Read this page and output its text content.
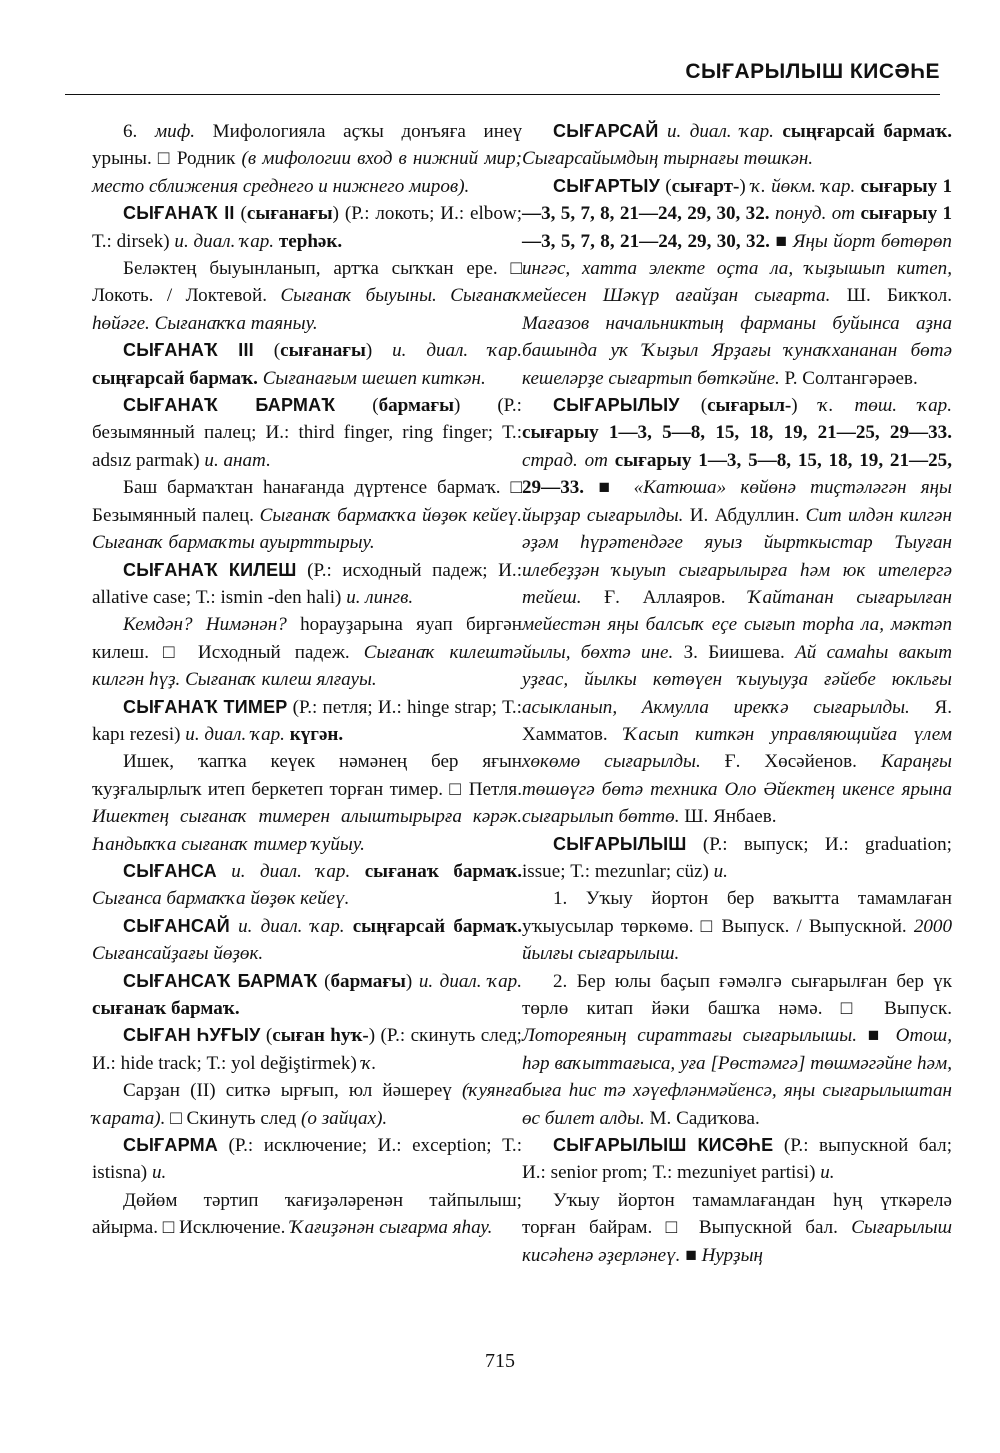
СЫҒАРЫЛЫШ КИСӘҺЕ

6. миф. Мифологияла аҫҡы донъяға инеү урыны. □ Родник (в мифологии вход в нижний мир; место сближения среднего и нижнего миров).

СЫҒАНАҠ II (сығанағы) (Р.: локоть; И.: elbow; Т.: dirsek) и. диал. ҡар. терһәк.

Беләктең быуынланып, артҡа сыҡҡан ере. □ Локоть. / Локтевой. Сығанаҡ быуыны. Сығанаҡ һөйәге. Сығанаҡҡа таяныу.

СЫҒАНАҠ III (сығанағы) и. диал. ҡар. сыңғарсай бармаҡ. Сығанағым шешеп киткән.

СЫҒАНАҠ БАРМАҠ (бармағы) (Р.: безымянный палец; И.: third finger, ring finger; Т.: adsız parmak) и. анат.

Баш бармаҡтан һанағанда дүртенсе бармаҡ. □ Безымянный палец. Сығанаҡ бармаҡҡа йөҙөк кейеү. Сығанаҡ бармаҡты ауырттырыу.

СЫҒАНАҠ КИЛЕШ (Р.: исходный падеж; И.: allative case; Т.: ismin -den hali) и. лингв.

Кемдән? Нимәнән? һорауҙарына яуап биргән килеш. □ Исходный падеж. Сығанаҡ килештә килгән һүҙ. Сығанаҡ килеш ялғауы.

СЫҒАНАҠ ТИМЕР (Р.: петля; И.: hinge strap; Т.: kapı rezesi) и. диал. ҡар. күгән.

Ишек, ҡапҡа кеүек нәмәнең бер яғын ҡуҙғалырлыҡ итеп беркетеп торған тимер. □ Петля. Ишектең сығанаҡ тимерен алыштырырға кәрәк. Һандыҡҡа сығанаҡ тимер ҡуйыу.

СЫҒАНСА и. диал. ҡар. сығанаҡ бармаҡ. Сығанса бармаҡҡа йөҙөк кейеү.

СЫҒАНСАЙ и. диал. ҡар. сыңғарсай бармаҡ. Сығансайҙағы йөҙөк.

СЫҒАНСАҠ БАРМАҠ (бармағы) и. диал. ҡар. сығанаҡ бармаҡ.

СЫҒАН ҺУҒЫУ (сыған һуҡ-) (Р.: скинуть след; И.: hide track; Т.: yol değiştirmek) ҡ.

Сарҙан (II) ситкә ырғып, юл йәшереү (ҡуянға ҡарата). □ Скинуть след (о зайцах).

СЫҒАРМА (Р.: исключение; И.: exception; Т.: istisna) и.

Дөйөм тәртип ҡағиҙәләренән тайпылыш; айырма. □ Исключение. Ҡағиҙәнән сығарма яһау.

СЫҒАРСАЙ и. диал. ҡар. сыңғарсай бармаҡ. Сығарсайымдың тырнағы төшкән.

СЫҒАРТЫУ (сығарт-) ҡ. йөкм. ҡар. сығарыу 1—3, 5, 7, 8, 21—24, 29, 30, 32. понуд. от сығарыу 1—3, 5, 7, 8, 21—24, 29, 30, 32. ■ Яңы йорт бөтөрөп ингәс, хатта электе оҫта ла, ҡыҙышып китеп, мейесен Шәкүр ағайҙан сығарта. Ш. Бикҡол. Мағазов начальниктың фарманы буйынса аҙна башында уҡ Ҡыҙыл Ярҙағы ҡунаҡхананан бөтә кешеләрҙе сығартып бөткәйне. Р. Солтангәрәев.

СЫҒАРЫЛЫУ (сығарыл-) ҡ. төш. ҡар. сығарыу 1—3, 5—8, 15, 18, 19, 21—25, 29—33. страд. от сығарыу 1—3, 5—8, 15, 18, 19, 21—25, 29—33. ■ «Катюша» көйөнә тиҫтәләгән яңы йырҙар сығарылды. И. Абдуллин. Сит илдән килгән әҙәм һүрәтендәге яуыз йырткыстар Тыуған илебеҙҙән ҡыуып сығарылырға һәм юк ителергә тейеш. Ғ. Аллаяров. Ҡайтанан сығарылған мейестән яңы балсыҡ еҫе сығып торһа ла, мәктәп йылы, бөхтә ине. З. Биишева. Ай самаһы вакыт уҙғас, йылкы көтөүен ҡыуыуҙа ғәйебе юкльғы асыкланып, Акмулла ирекҡә сығарылды. Я. Хамматов. Ҡасып киткән управляющийға үлем хөкөмө сығарылды. Ғ. Хөсәйенов. Караңғы төшөүгә бөтә техника Оло Әйектең икенсе ярына сығарылып бөттө. Ш. Янбаев.

СЫҒАРЫЛЫШ (Р.: выпуск; И.: graduation; issue; Т.: mezunlar; cüz) и.

1. Уҡыу йортон бер ваҡытта тамамлаған уҡыусылар төркөмө. □ Выпуск. / Выпускной. 2000 йылғы сығарылыш.

2. Бер юлы баҫып ғәмәлгә сығарылған бер үк төрлө китап йәки башҡа нәмә. □ Выпуск. Лотореяның сираттағы сығарылышы. ■ Отош, һәр ваҡыттағыса, уға [Рөстәмгә] төшмәгәйне һәм, быға һис тә хәүефләнмәйенсә, яңы сығарылыштан өс билет алды. М. Садиҡова.

СЫҒАРЫЛЫШ КИСӘҺЕ (Р.: выпускной бал; И.: senior prom; Т.: mezuniyet partisi) и.

Уҡыу йортон тамамлағандан һуң үткәрелә торған байрам. □ Выпускной бал. Сығарылыш кисәһенә әҙерләнеү. ■ Нурҙың

715
